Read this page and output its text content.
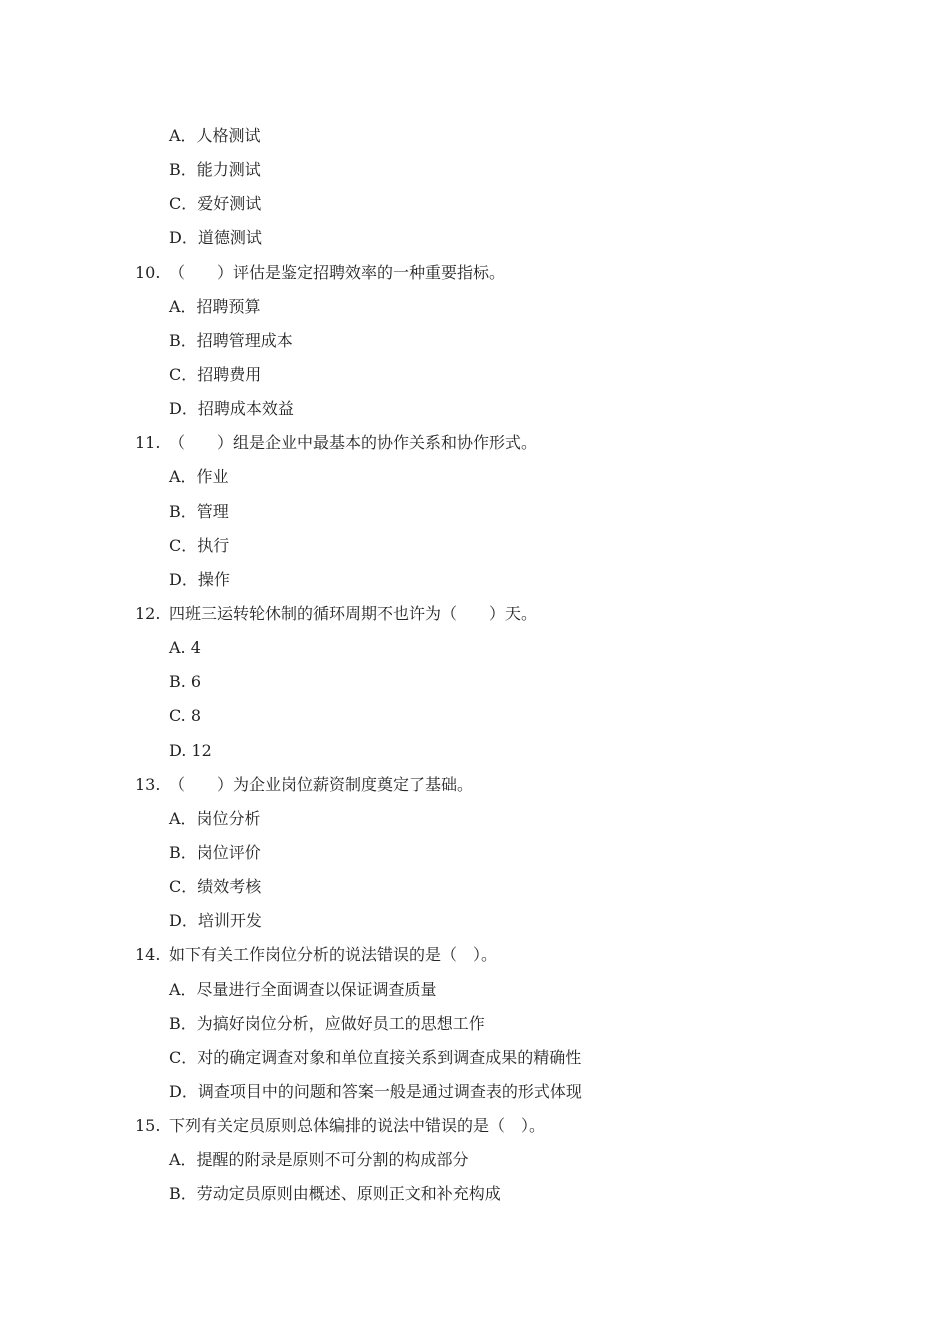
A．人格测试
B．能力测试
C．爱好测试
D．道德测试
10. （　　）评估是鉴定招聘效率的一种重要指标。
A．招聘预算
B．招聘管理成本
C．招聘费用
D．招聘成本效益
11. （　　）组是企业中最基本的协作关系和协作形式。
A．作业
B．管理
C．执行
D．操作
12. 四班三运转轮休制的循环周期不也许为（　　）天。
A. 4
B. 6
C. 8
D. 12
13. （　　）为企业岗位薪资制度奠定了基础。
A．岗位分析
B．岗位评价
C．绩效考核
D．培训开发
14. 如下有关工作岗位分析的说法错误的是（　）。
A．尽量进行全面调查以保证调查质量
B．为搞好岗位分析，应做好员工的思想工作
C．对的确定调查对象和单位直接关系到调查成果的精确性
D．调查项目中的问题和答案一般是通过调查表的形式体现
15. 下列有关定员原则总体编排的说法中错误的是（　）。
A．提醒的附录是原则不可分割的构成部分
B．劳动定员原则由概述、原则正文和补充构成
